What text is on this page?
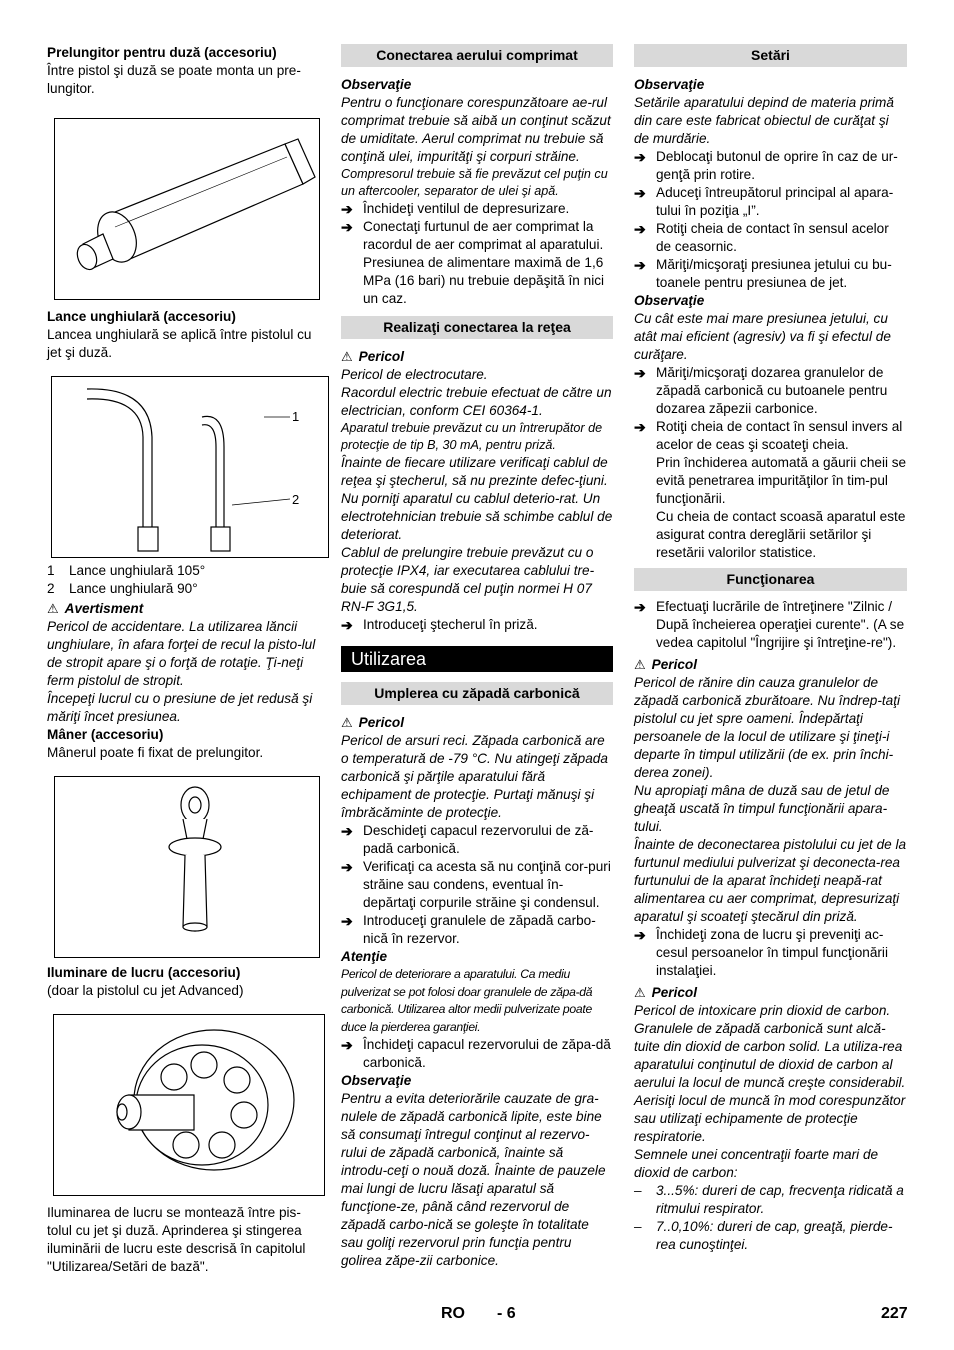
Prelungitor pentru duză (accesoriu)

Între pistol şi duză se poate monta un pre-lungitor.

Lance unghiulară (accesoriu)

Lancea unghiulară se aplică între pistolul cu jet şi duză.

1
2
1	Lance unghiulară 105°
2	Lance unghiulară 90°
⚠ Avertisment

Pericol de accidentare. La utilizarea lăncii unghiulare, în afara forţei de recul la pisto-lul de stropit apare şi o forţă de rotaţie. Ţi-neţi ferm pistolul de stropit.

Începeţi lucrul cu o presiune de jet redusă şi măriţi încet presiunea.

Mâner (accesoriu)

Mânerul poate fi fixat de prelungitor.

Iluminare de lucru (accesoriu)

(doar la pistolul cu jet Advanced)

Iluminarea de lucru se montează între pis-tolul cu jet şi duză. Aprinderea şi stingerea iluminării de lucru este descrisă în capitolul "Utilizarea/Setări de bază".

Conectarea aerului comprimat

Observaţie

Pentru o funcţionare corespunzătoare ae-rul comprimat trebuie să aibă un conţinut scăzut de umiditate. Aerul comprimat nu trebuie să conţină ulei, impurităţi şi corpuri străine.

Compresorul trebuie să fie prevăzut cel puţin cu un aftercooler, separator de ulei şi apă.

➔ Închideţi ventilul de depresurizare.
➔ Conectaţi furtunul de aer comprimat la racordul de aer comprimat al aparatului.

Presiunea de alimentare maximă de 1,6 MPa (16 bari) nu trebuie depăşită în nici un caz.

Realizaţi conectarea la reţea
⚠ Pericol

Pericol de electrocutare.

Racordul electric trebuie efectuat de către un electrician, conform CEI 60364-1.

Aparatul trebuie prevăzut cu un întrerupător de protecţie de tip B, 30 mA, pentru priză.

Înainte de fiecare utilizare verificaţi cablul de reţea şi ştecherul, să nu prezinte defec-ţiuni. Nu porniţi aparatul cu cablul deterio-rat. Un electrotehnician trebuie să schimbe cablul de deteriorat.

Cablul de prelungire trebuie prevăzut cu o protecţie IPX4, iar executarea cablului tre-buie să corespundă cel puţin normei H 07 RN-F 3G1,5.

➔ Introduceţi ştecherul în priză.
Utilizarea
Umplerea cu zăpadă carbonică
⚠ Pericol

Pericol de arsuri reci. Zăpada carbonică are o temperatură de -79 °C. Nu atingeţi zăpada carbonică şi părţile aparatului fără echipament de protecţie. Purtaţi mănuşi şi îmbrăcăminte de protecţie.

➔ Deschideţi capacul rezervorului de ză-padă carbonică.
➔ Verificaţi ca acesta să nu conţină cor-puri străine sau condens, eventual în-depărtaţi corpurile străine şi condensul.
➔ Introduceţi granulele de zăpadă carbo-nică în rezervor.

Atenţie

Pericol de deteriorare a aparatului. Ca mediu pulverizat se pot folosi doar granulele de zăpa-dă carbonică. Utilizarea altor medii pulverizate poate duce la pierderea garanţiei.

➔ Închideţi capacul rezervorului de zăpa-dă carbonică.

Observaţie

Pentru a evita deteriorările cauzate de gra-nulele de zăpadă carbonică lipite, este bine să consumaţi întregul conţinut al rezervo-rului de zăpadă carbonică, înainte să introdu-ceţi o nouă doză. Înainte de pauzele mai lungi de lucru lăsaţi aparatul să funcţione-ze, până când rezervorul de zăpadă carbo-nică se goleşte în totalitate sau goliţi rezervorul prin funcţia pentru golirea zăpe-zii carbonice.

Setări

Observaţie

Setările aparatului depind de materia primă din care este fabricat obiectul de curăţat şi de murdărie.

➔ Deblocaţi butonul de oprire în caz de ur-genţă prin rotire.
➔ Aduceţi întreupătorul principal al apara-tului în poziţia „I”.
➔ Rotiţi cheia de contact în sensul acelor de ceasornic.
➔ Măriţi/micşoraţi presiunea jetului cu bu-toanele pentru presiunea de jet.

Observaţie

Cu cât este mai mare presiunea jetului, cu atât mai eficient (agresiv) va fi şi efectul de curăţare.

➔ Măriţi/micşoraţi dozarea granulelor de zăpadă carbonică cu butoanele pentru dozarea zăpezii carbonice.
➔ Rotiţi cheia de contact în sensul invers al acelor de ceas şi scoateţi cheia.

Prin închiderea automată a găurii cheii se evită penetrarea impurităţilor în tim-pul funcţionării.

Cu cheia de contact scoasă aparatul este asigurat contra dereglării setărilor şi resetării valorilor statistice.

Funcţionarea
➔ Efectuaţi lucrările de întreţinere "Zilnic / După încheierea operaţiei curente". (A se vedea capitolul "Îngrijire şi întreţine-re").
⚠ Pericol

Pericol de rănire din cauza granulelor de zăpadă carbonică zburătoare. Nu îndrep-taţi pistolul cu jet spre oameni. Îndepărtaţi persoanele de la locul de utilizare şi ţineţi-i departe în timpul utilizării (de ex. prin închi-derea zonei).

Nu apropiaţi mâna de duză sau de jetul de gheaţă uscată în timpul funcţionării apara-tului.

Înainte de deconectarea pistolului cu jet de la furtunul mediului pulverizat şi deconecta-rea furtunului de la aparat închideţi neapă-rat alimentarea cu aer comprimat, depresurizaţi aparatul şi scoateţi ştecărul din priză.

➔ Închideţi zona de lucru şi preveniţi ac-cesul persoanelor în timpul funcţionării instalaţiei.
⚠ Pericol

Pericol de intoxicare prin dioxid de carbon. Granulele de zăpadă carbonică sunt alcă-tuite din dioxid de carbon solid. La utiliza-rea aparatului conţinutul de dioxid de carbon al aerului la locul de muncă creşte considerabil. Aerisiţi locul de muncă în mod corespunzător sau utilizaţi echipamente de protecţie respiratorie.

Semnele unei concentraţii foarte mari de dioxid de carbon:

–	3...5%: dureri de cap, frecvenţa ridicată a ritmului respirator.
–	7..0,10%: dureri de cap, greaţă, pierde-rea cunoştinţei.
RO - 6	227
